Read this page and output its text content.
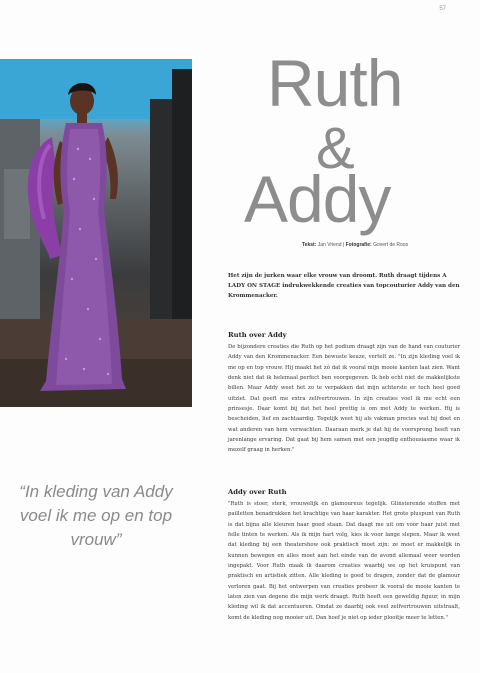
57
Ruth
&
Addy
Tekst: Jan Vriend | Fotografie: Govert de Roos
Het zijn de jurken waar elke vrouw van droomt. Ruth draagt tijdens A LADY ON STAGE indrukwekkende creaties van topcouturier Addy van den Krommenacker.
Ruth over Addy
De bijzondere creaties die Ruth op het podium draagt zijn van de hand van couturier Addy van den Krommenacker. Een bewuste keuze, vertelt ze. "In zijn kleding voel ik me op en top vrouw. Hij maakt het zó dat ik vooral mijn mooie kanten laat zien. Want denk niet dat ik helemaal perfect ben voorgegeven. Ik heb echt niet de makkelijkste billen. Maar Addy weet het zo te verpakken dat mijn achterste er toch heel goed uitziet. Dat geeft me extra zelfvertrouwen. In zijn creaties voel ik me echt een prinsesje. Daar komt bij dat het heel prettig is om met Addy te werken. Hij is bescheiden, lief en zachtaardig. Tegelijk weet hij als vakman precies wat hij doet en wat anderen van hem verwachten. Daaraan merk je dat hij de voorsprong heeft van jarenlange ervaring. Dat gaat bij hem samen met een jeugdig enthousiasme waar ik mezelf graag in herken."
“In kleding van Addy voel ik me op en top vrouw”
Addy over Ruth
"Ruth is stoer, sterk, vrouwelijk en glamoureus tegelijk. Glinsterende stoffen met pailletten benadrukken het krachtige van haar karakter. Het grote pluspunt van Ruth is dat bijna alle kleuren haar goed staan. Dat daagt me uit om voor haar juist met felle tinten te werken. Als ik mijn hart volg, kies ik voor lange slepen. Maar ik weet dat kleding bij een theatershow ook praktisch moet zijn: ze moet er makkelijk in kunnen bewegen en alles moet aan het einde van de avond allemaal weer worden ingepakt. Voor Ruth maak ik daarom creaties waarbij we op het kruispunt van praktisch en artistiek zitten. Alle kleding is goed te dragen, zonder dat de glamour verloren gaat. Bij het ontwerpen van creaties probeer ik vooral de mooie kanten te laten zien van degene die mijn werk draagt. Ruth heeft een geweldig figuur, in mijn kleding wil ik dat accentueren. Omdat ze daarbij ook veel zelfvertrouwen uitstraalt, komt de kleding nog mooier uit. Dan hoef je niet op ieder plooitje meer te letten."
